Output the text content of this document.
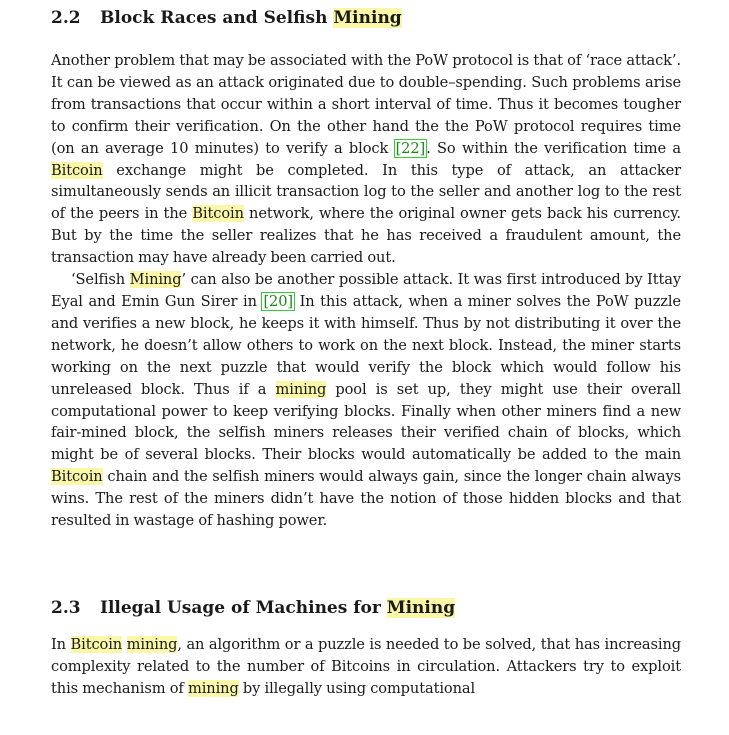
2.2 Block Races and Selfish Mining

Another problem that may be associated with the PoW protocol is that of ‘race attack’. It can be viewed as an attack originated due to double–spending. Such problems arise from transactions that occur within a short interval of time. Thus it becomes tougher to confirm their verification. On the other hand the the PoW protocol requires time (on an average 10 minutes) to verify a block [22]. So within the verification time a Bitcoin exchange might be completed. In this type of attack, an attacker simultaneously sends an illicit transaction log to the seller and another log to the rest of the peers in the Bitcoin network, where the original owner gets back his currency. But by the time the seller realizes that he has received a fraudulent amount, the transaction may have already been carried out.

‘Selfish Mining’ can also be another possible attack. It was first introduced by Ittay Eyal and Emin Gun Sirer in [20] In this attack, when a miner solves the PoW puzzle and verifies a new block, he keeps it with himself. Thus by not distributing it over the network, he doesn’t allow others to work on the next block. Instead, the miner starts working on the next puzzle that would verify the block which would follow his unreleased block. Thus if a mining pool is set up, they might use their overall computational power to keep verifying blocks. Finally when other miners find a new fair-mined block, the selfish miners releases their verified chain of blocks, which might be of several blocks. Their blocks would automatically be added to the main Bitcoin chain and the selfish miners would always gain, since the longer chain always wins. The rest of the miners didn’t have the notion of those hidden blocks and that resulted in wastage of hashing power.

2.3 Illegal Usage of Machines for Mining

In Bitcoin mining, an algorithm or a puzzle is needed to be solved, that has increasing complexity related to the number of Bitcoins in circulation. Attackers try to exploit this mechanism of mining by illegally using computational
